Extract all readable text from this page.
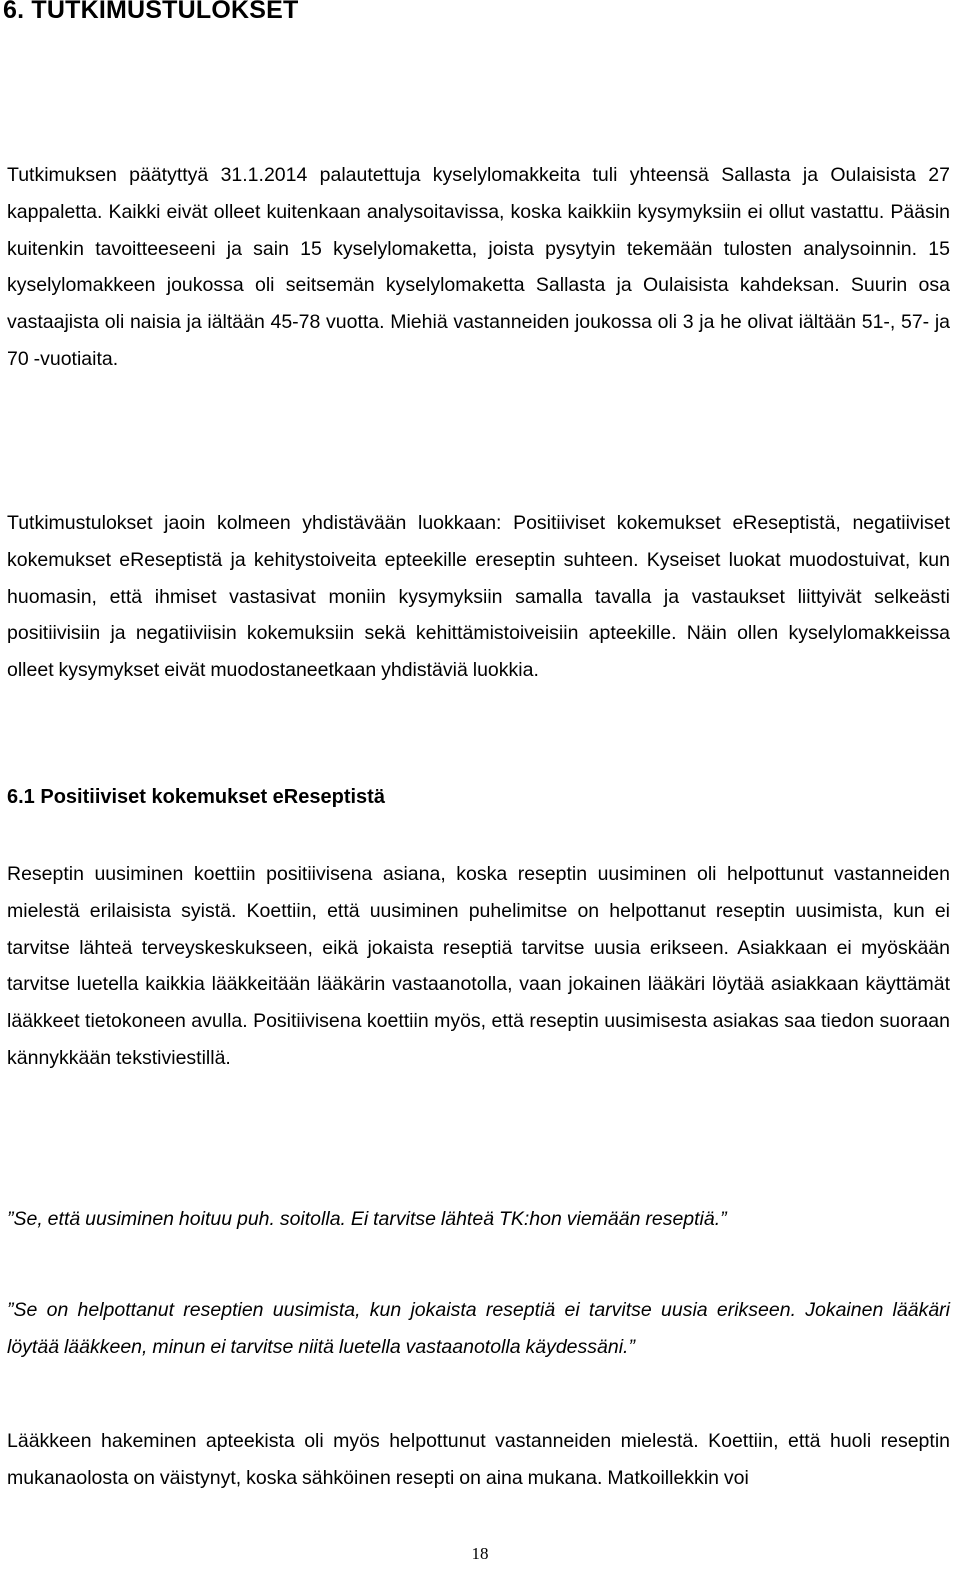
6. TUTKIMUSTULOKSET

Tutkimuksen päätyttyä 31.1.2014 palautettuja kyselylomakkeita tuli yhteensä Sallasta ja Oulaisista 27 kappaletta. Kaikki eivät olleet kuitenkaan analysoitavissa, koska kaikkiin kysymyksiin ei ollut vastattu. Pääsin kuitenkin tavoitteeseeni ja sain 15 kyselylomaketta, joista pysytyin tekemään tulosten analysoinnin. 15 kyselylomakkeen joukossa oli seitsemän kyselylomaketta Sallasta ja Oulaisista kahdeksan. Suurin osa vastaajista oli naisia ja iältään 45-78 vuotta. Miehiä vastanneiden joukossa oli 3 ja he olivat iältään 51-, 57- ja 70 -vuotiaita.

Tutkimustulokset jaoin kolmeen yhdistävään luokkaan: Positiiviset kokemukset eReseptistä, negatiiviset kokemukset eReseptistä ja kehitystoiveita epteekille ereseptin suhteen. Kyseiset luokat muodostuivat, kun huomasin, että ihmiset vastasivat moniin kysymyksiin samalla tavalla ja vastaukset liittyivät selkeästi positiivisiin ja negatiiviisin kokemuksiin sekä kehittämistoiveisiin apteekille. Näin ollen kyselylomakkeissa olleet kysymykset eivät muodostaneetkaan yhdistäviä luokkia.

6.1 Positiiviset kokemukset eReseptistä

Reseptin uusiminen koettiin positiivisena asiana, koska reseptin uusiminen oli helpottunut vastanneiden mielestä erilaisista syistä. Koettiin, että uusiminen puhelimitse on helpottanut reseptin uusimista, kun ei tarvitse lähteä terveyskeskukseen, eikä jokaista reseptiä tarvitse uusia erikseen. Asiakkaan ei myöskään tarvitse luetella kaikkia lääkkeitään lääkärin vastaanotolla, vaan jokainen lääkäri löytää asiakkaan käyttämät lääkkeet tietokoneen avulla. Positiivisena koettiin myös, että reseptin uusimisesta asiakas saa tiedon suoraan kännykkään tekstiviestillä.

”Se, että uusiminen hoituu puh. soitolla. Ei tarvitse lähteä TK:hon viemään reseptiä.”

”Se on helpottanut reseptien uusimista, kun jokaista reseptiä ei tarvitse uusia erikseen. Jokainen lääkäri löytää lääkkeen, minun ei tarvitse niitä luetella vastaanotolla käydessäni.”

Lääkkeen hakeminen apteekista oli myös helpottunut vastanneiden mielestä. Koettiin, että huoli reseptin mukanaolosta on väistynyt, koska sähköinen resepti on aina mukana. Matkoillekkin voi

18
